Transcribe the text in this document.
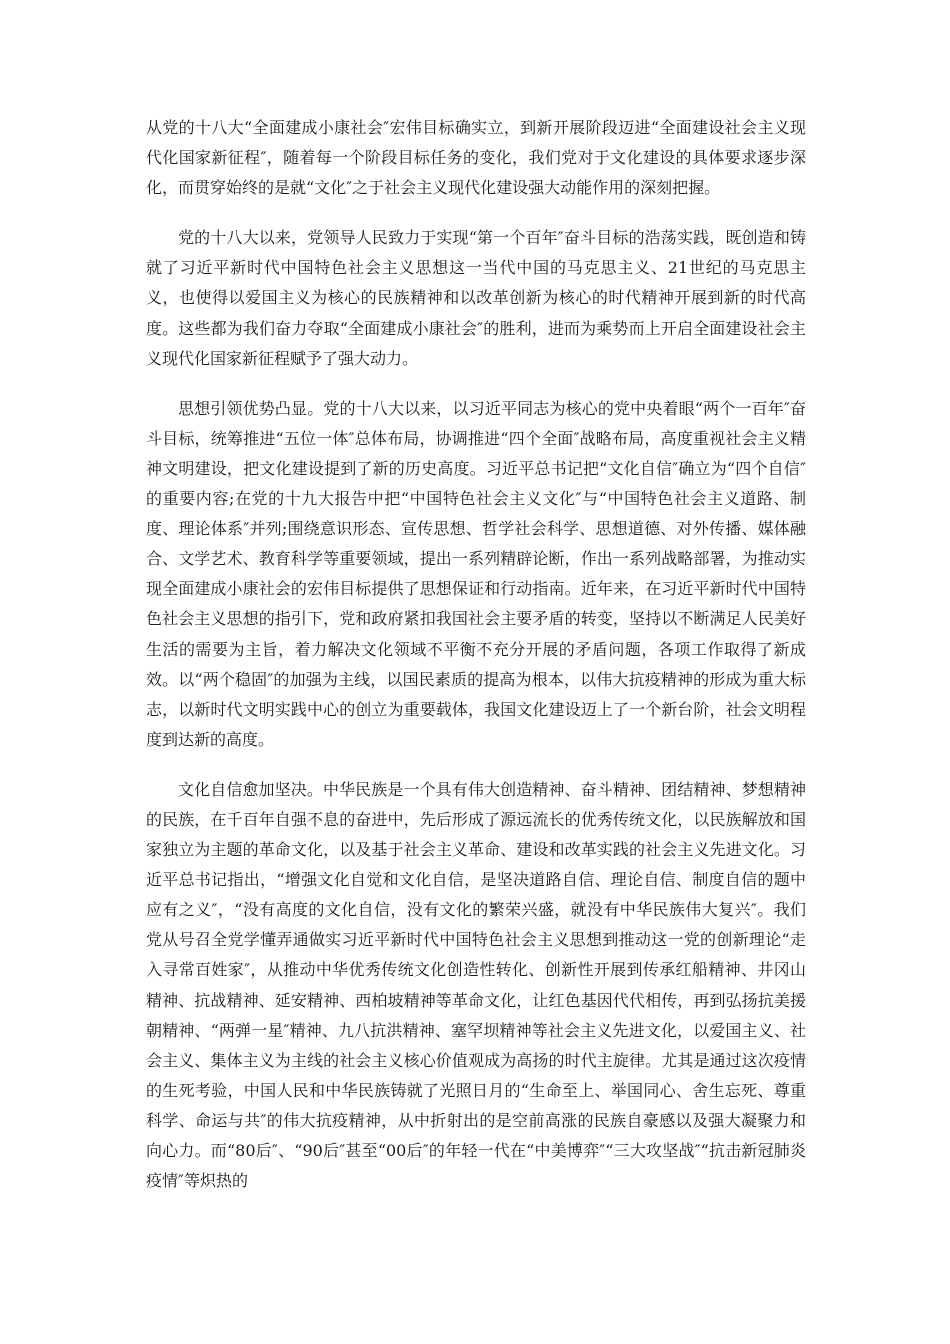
从党的十八大“全面建成小康社会″宏伟目标确实立，到新开展阶段迈进“全面建设社会主义现代化国家新征程″，随着每一个阶段目标任务的变化，我们党对于文化建设的具体要求逐步深化，而贯穿始终的是就“文化″之于社会主义现代化建设强大动能作用的深刻把握。

党的十八大以来，党领导人民致力于实现“第一个百年″奋斗目标的浩荡实践，既创造和铸就了习近平新时代中国特色社会主义思想这一当代中国的马克思主义、21世纪的马克思主义，也使得以爱国主义为核心的民族精神和以改革创新为核心的时代精神开展到新的时代高度。这些都为我们奋力夺取“全面建成小康社会″的胜利，进而为乘势而上开启全面建设社会主义现代化国家新征程赋予了强大动力。

思想引领优势凸显。党的十八大以来，以习近平同志为核心的党中央着眼“两个一百年″奋斗目标，统筹推进“五位一体″总体布局，协调推进“四个全面″战略布局，高度重视社会主义精神文明建设，把文化建设提到了新的历史高度。习近平总书记把“文化自信″确立为“四个自信″的重要内容;在党的十九大报告中把“中国特色社会主义文化″与“中国特色社会主义道路、制度、理论体系″并列;围绕意识形态、宣传思想、哲学社会科学、思想道德、对外传播、媒体融合、文学艺术、教育科学等重要领域，提出一系列精辟论断，作出一系列战略部署，为推动实现全面建成小康社会的宏伟目标提供了思想保证和行动指南。近年来，在习近平新时代中国特色社会主义思想的指引下，党和政府紧扣我国社会主要矛盾的转变，坚持以不断满足人民美好生活的需要为主旨，着力解决文化领域不平衡不充分开展的矛盾问题，各项工作取得了新成效。以“两个稳固″的加强为主线，以国民素质的提高为根本，以伟大抗疫精神的形成为重大标志，以新时代文明实践中心的创立为重要载体，我国文化建设迈上了一个新台阶，社会文明程度到达新的高度。

文化自信愈加坚决。中华民族是一个具有伟大创造精神、奋斗精神、团结精神、梦想精神的民族，在千百年自强不息的奋进中，先后形成了源远流长的优秀传统文化，以民族解放和国家独立为主题的革命文化，以及基于社会主义革命、建设和改革实践的社会主义先进文化。习近平总书记指出，“增强文化自觉和文化自信，是坚决道路自信、理论自信、制度自信的题中应有之义″，“没有高度的文化自信，没有文化的繁荣兴盛，就没有中华民族伟大复兴″。我们党从号召全党学懂弄通做实习近平新时代中国特色社会主义思想到推动这一党的创新理论“走入寻常百姓家″，从推动中华优秀传统文化创造性转化、创新性开展到传承红船精神、井冈山精神、抗战精神、延安精神、西柏坡精神等革命文化，让红色基因代代相传，再到弘扬抗美援朝精神、“两弹一星″精神、九八抗洪精神、塞罕坝精神等社会主义先进文化，以爱国主义、社会主义、集体主义为主线的社会主义核心价值观成为高扬的时代主旋律。尤其是通过这次疫情的生死考验，中国人民和中华民族铸就了光照日月的“生命至上、举国同心、舍生忘死、尊重科学、命运与共″的伟大抗疫精神，从中折射出的是空前高涨的民族自豪感以及强大凝聚力和向心力。而“80后″、“90后″甚至“00后″的年轻一代在“中美博弈″“三大攻坚战″“抗击新冠肺炎疫情″等炽热的
